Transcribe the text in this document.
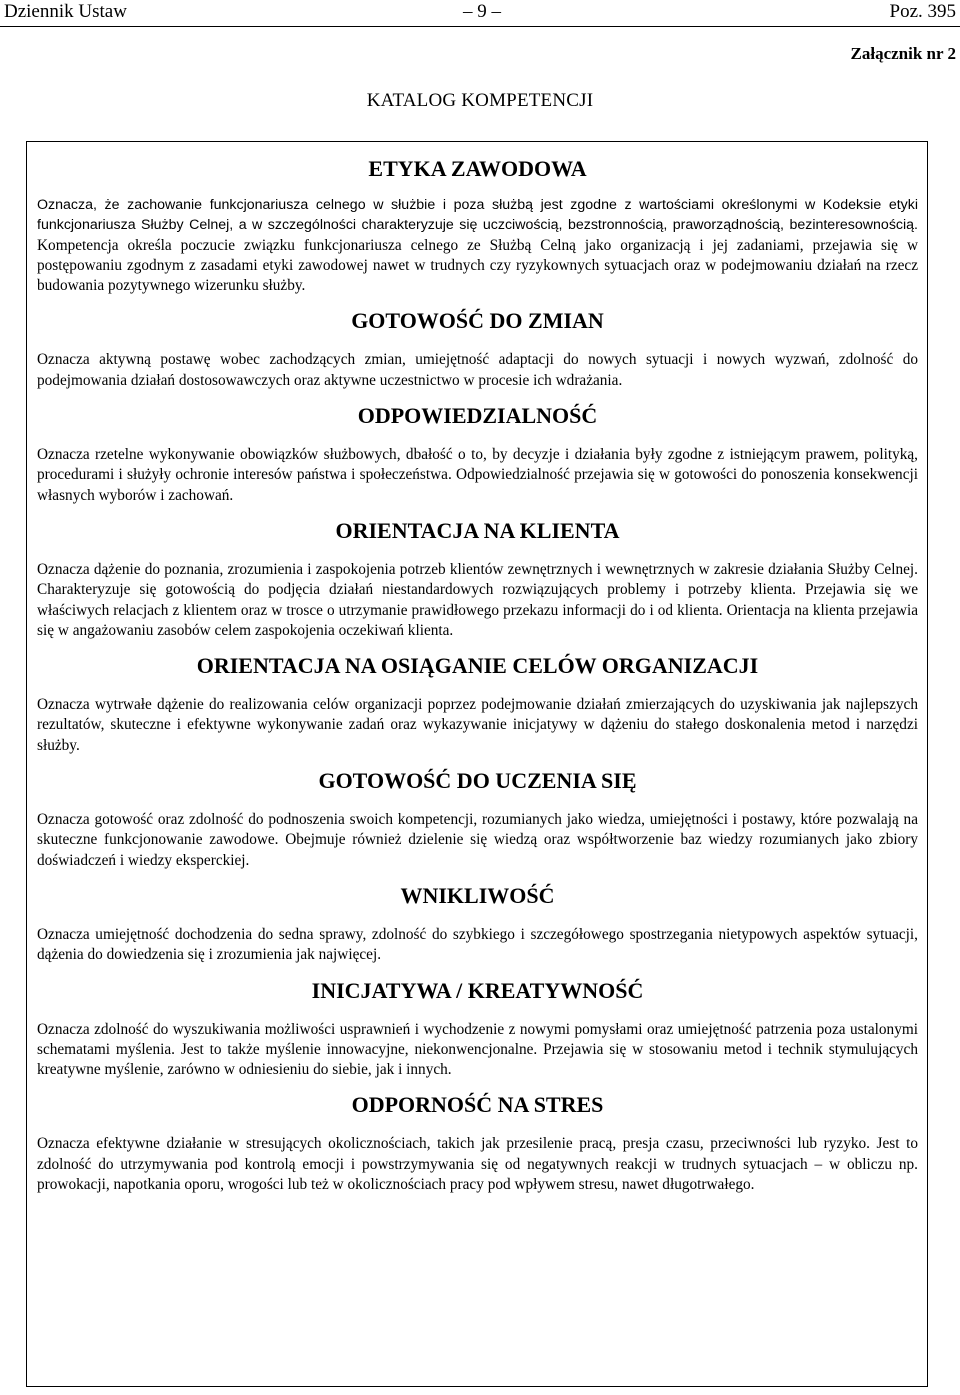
Dziennik Ustaw	– 9 –	Poz. 395
Załącznik nr 2
KATALOG KOMPETENCJI
ETYKA ZAWODOWA

Oznacza, że zachowanie funkcjonariusza celnego w służbie i poza służbą jest zgodne z wartościami określonymi w Kodeksie etyki funkcjonariusza Służby Celnej, a w szczególności charakteryzuje się uczciwością, bezstronnością, praworządnością, bezinteresownością. Kompetencja określa poczucie związku funkcjonariusza celnego ze Służbą Celną jako organizacją i jej zadaniami, przejawia się w postępowaniu zgodnym z zasadami etyki zawodowej nawet w trudnych czy ryzykownych sytuacjach oraz w podejmowaniu działań na rzecz budowania pozytywnego wizerunku służby.

GOTOWOŚĆ DO ZMIAN

Oznacza aktywną postawę wobec zachodzących zmian, umiejętność adaptacji do nowych sytuacji i nowych wyzwań, zdolność do podejmowania działań dostosowawczych oraz aktywne uczestnictwo w procesie ich wdrażania.

ODPOWIEDZIALNOŚĆ

Oznacza rzetelne wykonywanie obowiązków służbowych, dbałość o to, by decyzje i działania były zgodne z istniejącym prawem, polityką, procedurami i służyły ochronie interesów państwa i społeczeństwa. Odpowiedzialność przejawia się w gotowości do ponoszenia konsekwencji własnych wyborów i zachowań.

ORIENTACJA NA KLIENTA

Oznacza dążenie do poznania, zrozumienia i zaspokojenia potrzeb klientów zewnętrznych i wewnętrznych w zakresie działania Służby Celnej. Charakteryzuje się gotowością do podjęcia działań niestandardowych rozwiązujących problemy i potrzeby klienta. Przejawia się we właściwych relacjach z klientem oraz w trosce o utrzymanie prawidłowego przekazu informacji do i od klienta. Orientacja na klienta przejawia się w angażowaniu zasobów celem zaspokojenia oczekiwań klienta.

ORIENTACJA NA OSIĄGANIE CELÓW ORGANIZACJI

Oznacza wytrwałe dążenie do realizowania celów organizacji poprzez podejmowanie działań zmierzających do uzyskiwania jak najlepszych rezultatów, skuteczne i efektywne wykonywanie zadań oraz wykazywanie inicjatywy w dążeniu do stałego doskonalenia metod i narzędzi służby.

GOTOWOŚĆ DO UCZENIA SIĘ

Oznacza gotowość oraz zdolność do podnoszenia swoich kompetencji, rozumianych jako wiedza, umiejętności i postawy, które pozwalają na skuteczne funkcjonowanie zawodowe. Obejmuje również dzielenie się wiedzą oraz współtworzenie baz wiedzy rozumianych jako zbiory doświadczeń i wiedzy eksperckiej.

WNIKLIWOŚĆ

Oznacza umiejętność dochodzenia do sedna sprawy, zdolność do szybkiego i szczegółowego spostrzegania nietypowych aspektów sytuacji, dążenia do dowiedzenia się i zrozumienia jak najwięcej.

INICJATYWA / KREATYWNOŚĆ

Oznacza zdolność do wyszukiwania możliwości usprawnień i wychodzenie z nowymi pomysłami oraz umiejętność patrzenia poza ustalonymi schematami myślenia. Jest to także myślenie innowacyjne, niekonwencjonalne. Przejawia się w stosowaniu metod i technik stymulujących kreatywne myślenie, zarówno w odniesieniu do siebie, jak i innych.

ODPORNOŚĆ NA STRES

Oznacza efektywne działanie w stresujących okolicznościach, takich jak przesilenie pracą, presja czasu, przeciwności lub ryzyko. Jest to zdolność do utrzymywania pod kontrolą emocji i powstrzymywania się od negatywnych reakcji w trudnych sytuacjach – w obliczu np. prowokacji, napotkania oporu, wrogości lub też w okolicznościach pracy pod wpływem stresu, nawet długotrwałego.
